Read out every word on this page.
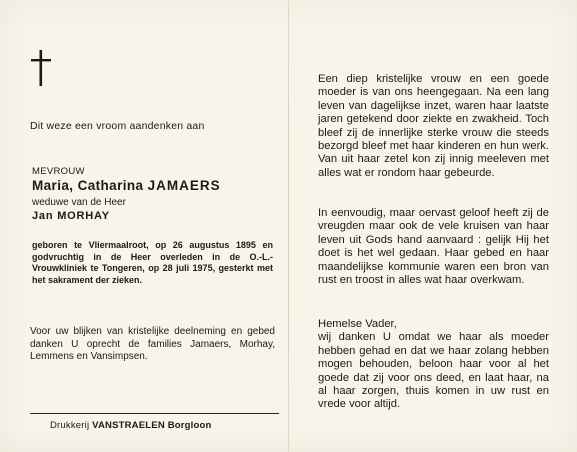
Dit weze een vroom aandenken aan
MEVROUW
Maria, Catharina JAMAERS
weduwe van de Heer
Jan MORHAY
geboren te Vliermaalroot, op 26 augustus 1895 en godvruchtig in de Heer overleden in de O.-L.-Vrouwkliniek te Tongeren, op 28 juli 1975, gesterkt met het sakrament der zieken.
Voor uw blijken van kristelijke deelneming en gebed danken U oprecht de families Jamaers, Morhay, Lemmens en Vansimpsen.
Drukkerij VANSTRAELEN Borgloon
Een diep kristelijke vrouw en een goede moeder is van ons heengegaan. Na een lang leven van dagelijkse inzet, waren haar laatste jaren getekend door ziekte en zwakheid. Toch bleef zij de innerlijke sterke vrouw die steeds bezorgd bleef met haar kinderen en hun werk. Van uit haar zetel kon zij innig meeleven met alles wat er rondom haar gebeurde.
In eenvoudig, maar oervast geloof heeft zij de vreugden maar ook de vele kruisen van haar leven uit Gods hand aanvaard : gelijk Hij het doet is het wel gedaan. Haar gebed en haar maandelijkse kommunie waren een bron van rust en troost in alles wat haar overkwam.
Hemelse Vader,
wij danken U omdat we haar als moeder hebben gehad en dat we haar zolang hebben mogen behouden, beloon haar voor al het goede dat zij voor ons deed, en laat haar, na al haar zorgen, thuis komen in uw rust en vrede voor altijd.
